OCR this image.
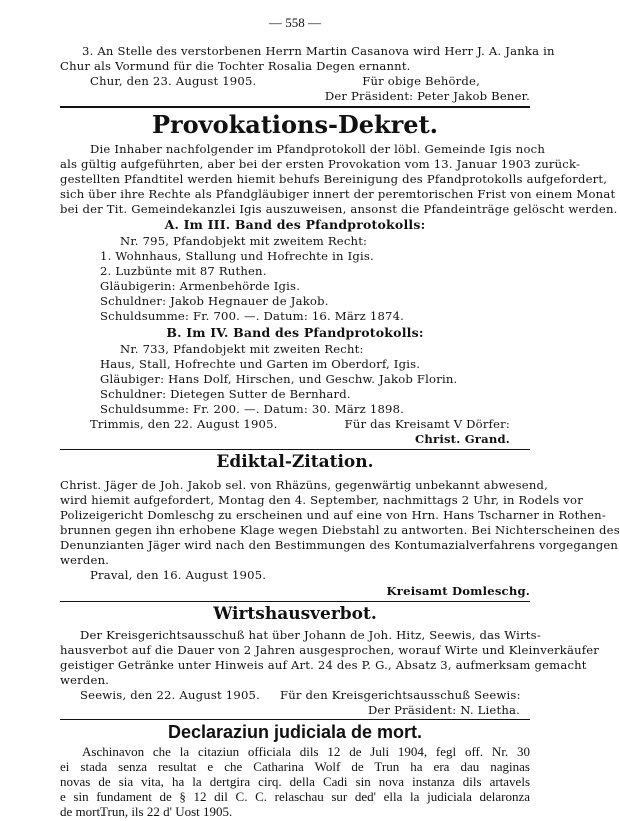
— 558 —
3. An Stelle des verstorbenen Herrn Martin Casanova wird Herr J. A. Janka in
Chur als Vormund für die Tochter Rosalia Degen ernannt.
Chur, den 23. August 1905.	Für obige Behörde,
Der Präsident: Peter Jakob Bener.
Provokations-Dekret.
Die Inhaber nachfolgender im Pfandprotokoll der löbl. Gemeinde Igis noch
als gültig aufgeführten, aber bei der ersten Provokation vom 13. Januar 1903 zurück-
gestellten Pfandtitel werden hiemit behufs Bereinigung des Pfandprotokolls aufgefordert,
sich über ihre Rechte als Pfandgläubiger innert der peremtorischen Frist von einem Monat
bei der Tit. Gemeindekanzlei Igis auszuweisen, ansonst die Pfandeinträge gelöscht werden.
A. Im III. Band des Pfandprotokolls:
Nr. 795, Pfandobjekt mit zweitem Recht:
1. Wohnhaus, Stallung und Hofrechte in Igis.
2. Luzbünte mit 87 Ruthen.
Gläubigerin: Armenbehörde Igis.
Schuldner: Jakob Hegnauer de Jakob.
Schuldsumme: Fr. 700. —. Datum: 16. März 1874.
B. Im IV. Band des Pfandprotokolls:
Nr. 733, Pfandobjekt mit zweiten Recht:
Haus, Stall, Hofrechte und Garten im Oberdorf, Igis.
Gläubiger: Hans Dolf, Hirschen, und Geschw. Jakob Florin.
Schuldner: Dietegen Sutter de Bernhard.
Schuldsumme: Fr. 200. —. Datum: 30. März 1898.
Trimmis, den 22. August 1905.	Für das Kreisamt V Dörfer:
Christ. Grand.
Ediktal-Zitation.
Christ. Jäger de Joh. Jakob sel. von Rhäzüns, gegenwärtig unbekannt abwesend,
wird hiemit aufgefordert, Montag den 4. September, nachmittags 2 Uhr, in Rodels vor
Polizeigericht Domleschg zu erscheinen und auf eine von Hrn. Hans Tscharner in Rothen-
brunnen gegen ihn erhobene Klage wegen Diebstahl zu antworten. Bei Nichterscheinen des
Denunzianten Jäger wird nach den Bestimmungen des Kontumazialverfahrens vorgegangen
werden.
Praval, den 16. August 1905.
Kreisamt Domleschg.
Wirtshausverbot.
Der Kreisgerichtsausschuß hat über Johann de Joh. Hitz, Seewis, das Wirts-
hausverbot auf die Dauer von 2 Jahren ausgesprochen, worauf Wirte und Kleinverkäufer
geistiger Getränke unter Hinweis auf Art. 24 des P. G., Absatz 3, aufmerksam gemacht
werden.
Seewis, den 22. August 1905.	Für den Kreisgerichtsausschuß Seewis:
Der Präsident: N. Lietha.
Declaraziun judiciala de mort.
Aschinavon che la citaziun officiala dils 12 de Juli 1904, fegl off. Nr. 30
ei stada senza resultat e che Catharina Wolf de Trun ha era dau naginas
novas de sia vita, ha la dertgira cirq. della Cadi sin nova instanza dils artavels
e sin fundament de § 12 dil C. C. relaschau sur ded' ella la judiciala delaronza
de mort.
Trun, ils 22 d' Uost 1905.
